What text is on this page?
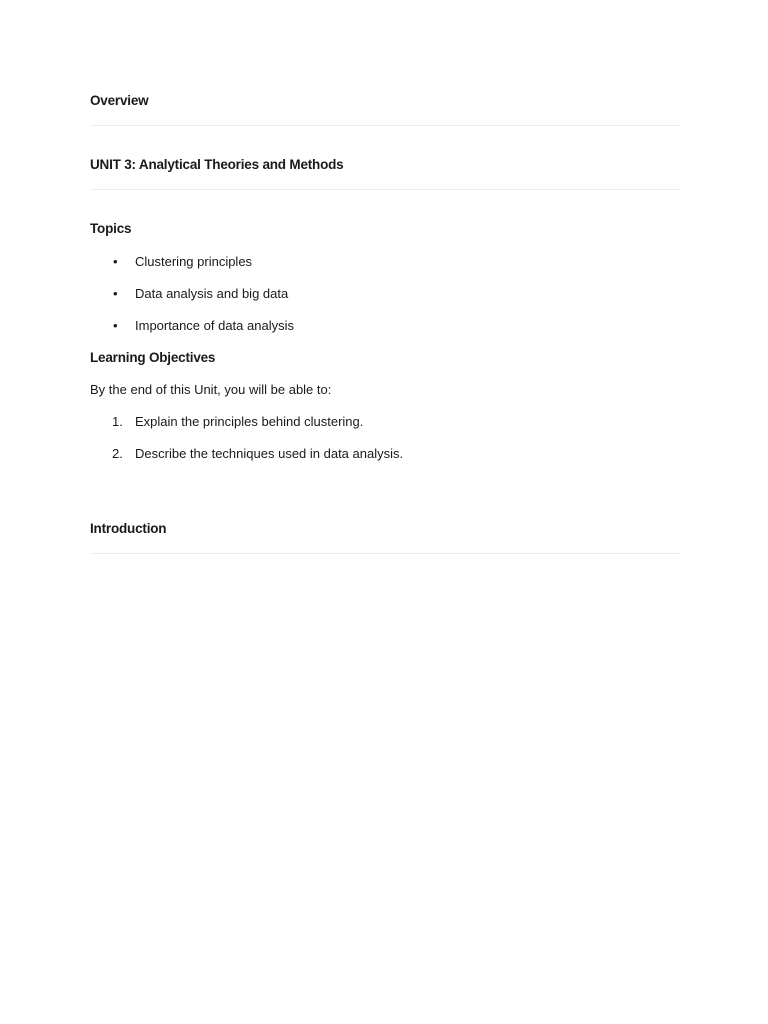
Overview
UNIT 3: Analytical Theories and Methods
Topics
•	Clustering principles
•	Data analysis and big data
•	Importance of data analysis
Learning Objectives

By the end of this Unit, you will be able to:

1. Explain the principles behind clustering.
2. Describe the techniques used in data analysis.
Introduction
